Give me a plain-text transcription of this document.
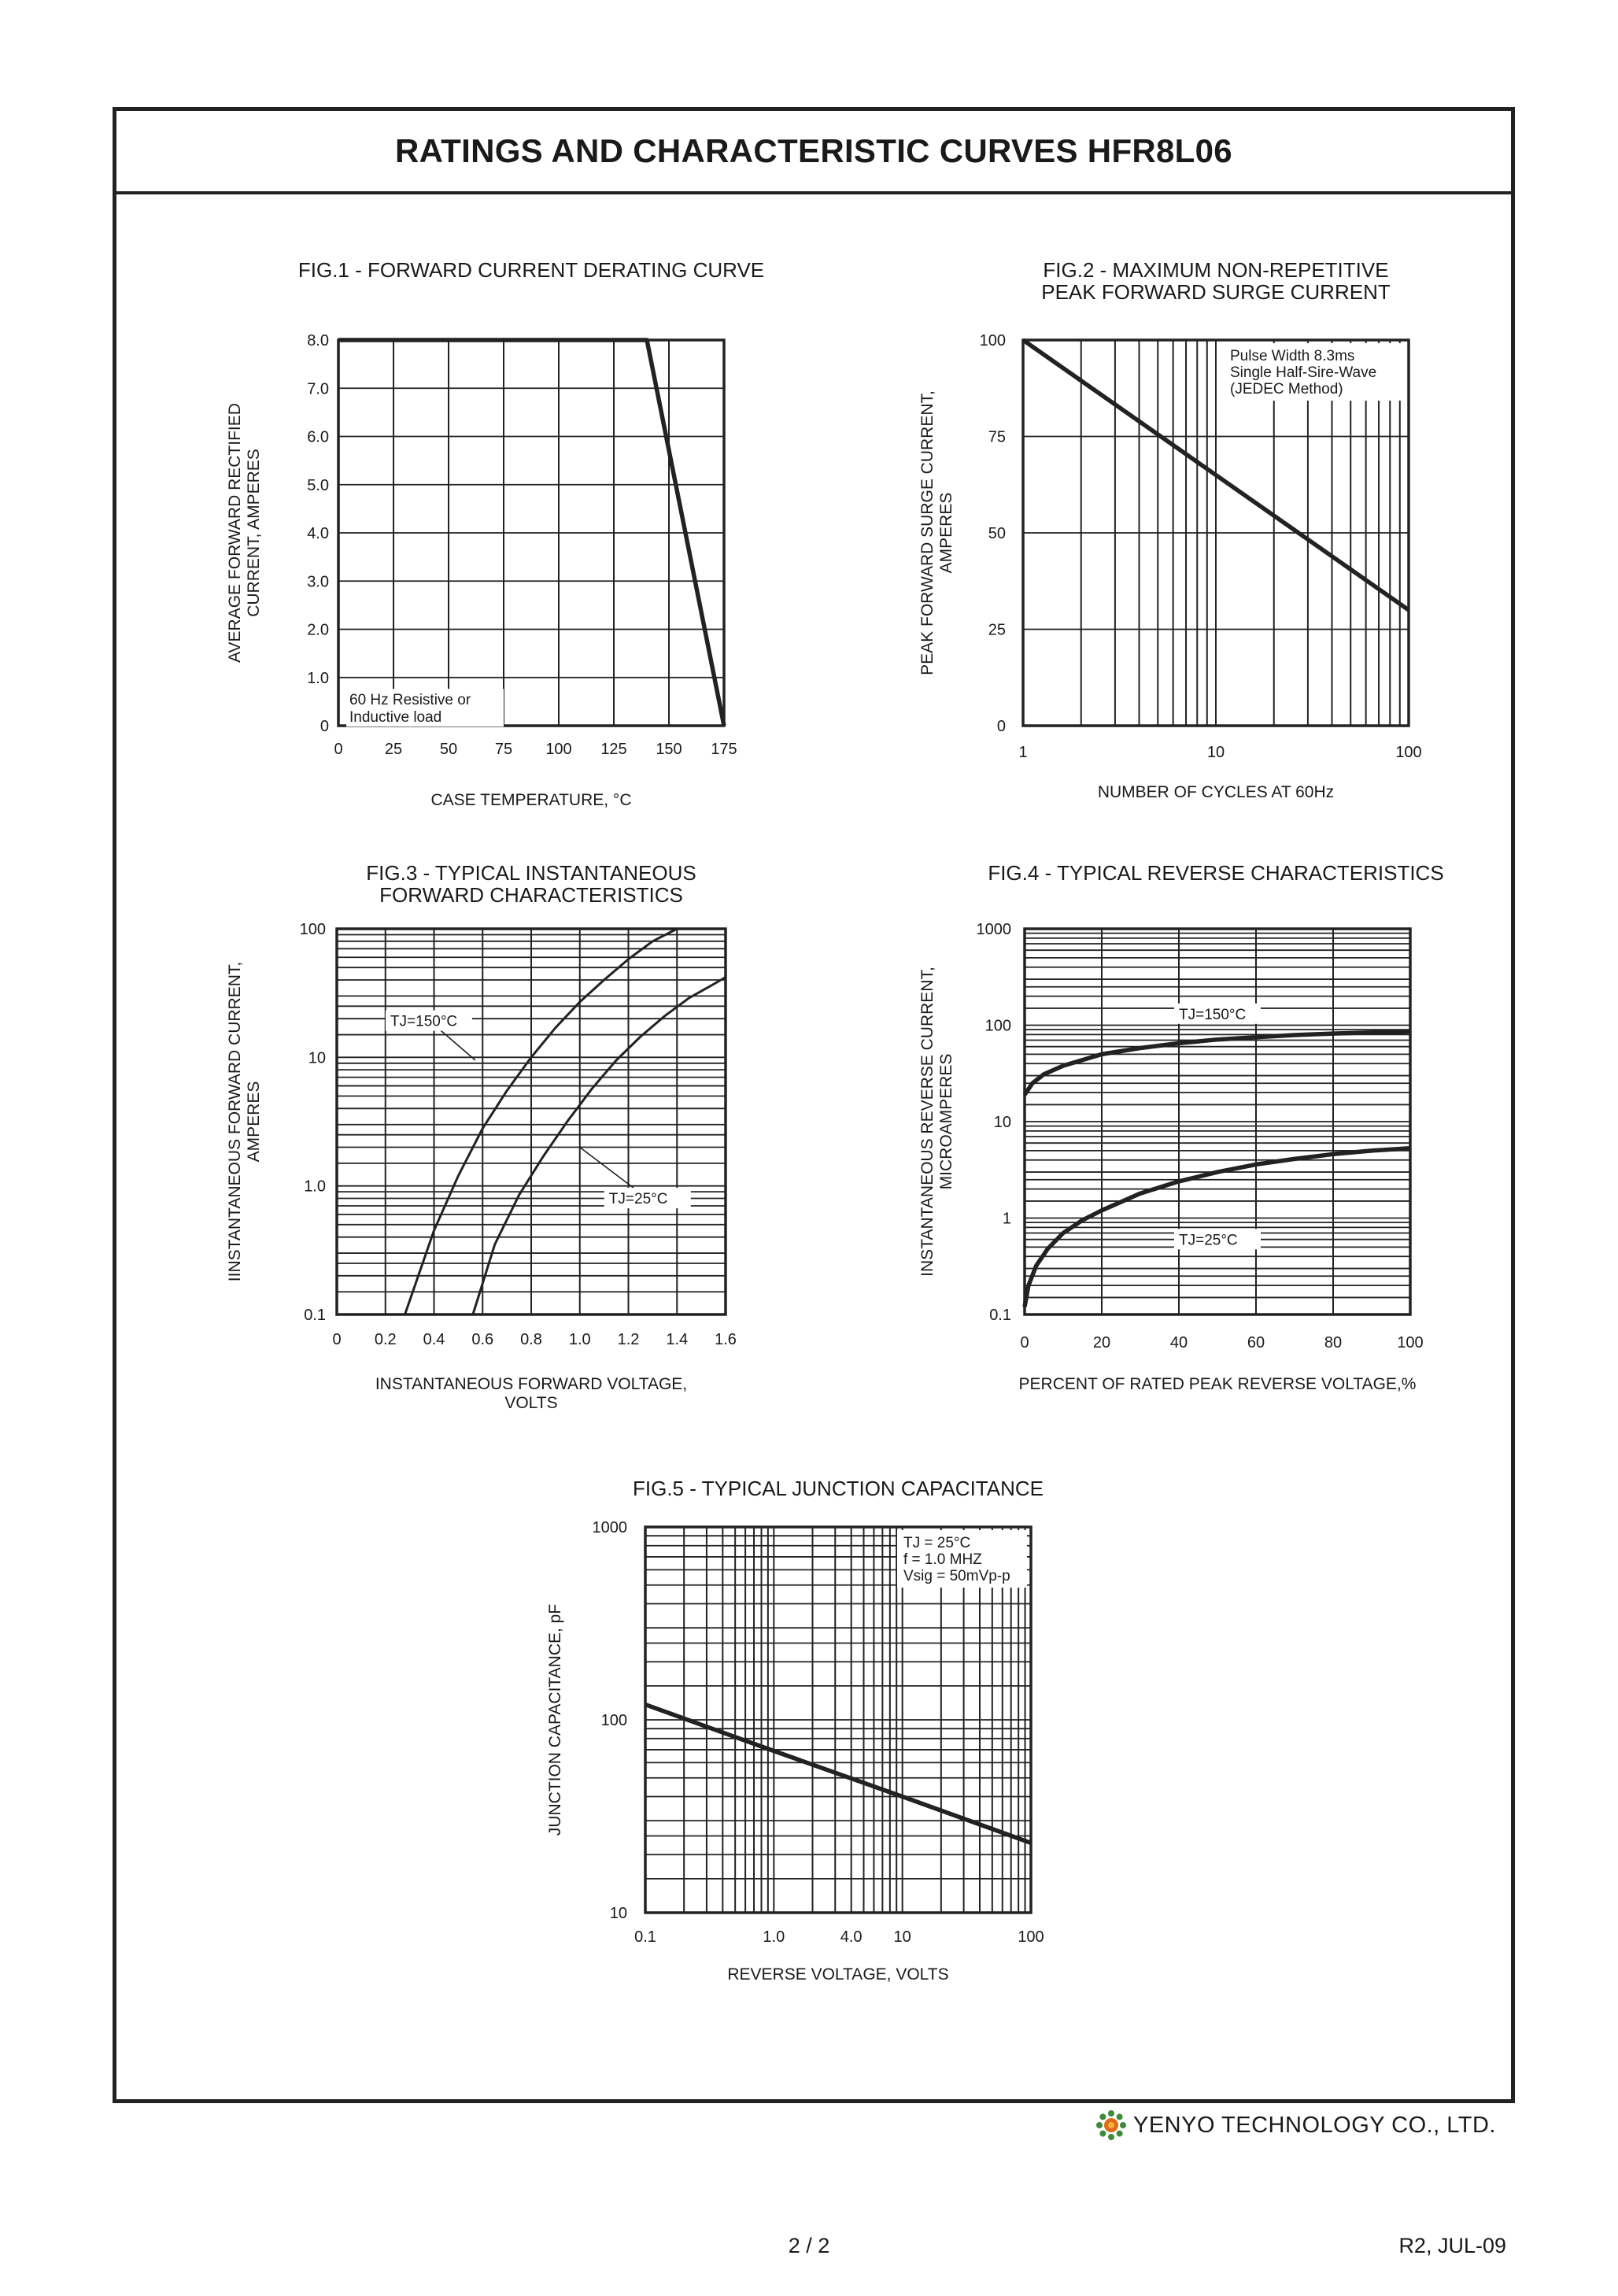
RATINGS AND CHARACTERISTIC CURVES HFR8L06
FIG.1 - FORWARD CURRENT DERATING CURVE
0	25 50 75 100 125 150 175
0
1.0
2.0
3.0
4.0
5.0
6.0
7.0
8.0
CASE TEMPERATURE, °C
AVERAGE FORWARD RECTIFIED CURRENT, AMPERES
60 Hz Resistive or
Inductive load
FIG.2 - MAXIMUM NON-REPETITIVE
PEAK FORWARD SURGE CURRENT
1	10	100
0
25
50
75
100
NUMBER OF CYCLES AT 60Hz
PEAK FORWARD SURGE CURRENT, AMPERES
Pulse Width 8.3ms
Single Half-Sire-Wave
(JEDEC Method)
FIG.3 - TYPICAL INSTANTANEOUS
FORWARD CHARACTERISTICS
0 0.2 0.4 0.6 0.8 1.0 1.2 1.4 1.6
0.1
1.0
10
100
INSTANTANEOUS FORWARD VOLTAGE,
VOLTS
IINSTANTANEOUS FORWARD CURRENT, AMPERES
TJ=150°C
TJ=25°C
FIG.4 - TYPICAL REVERSE CHARACTERISTICS
0	20	40	60	80	100
0.1
1
10
100
1000
PERCENT OF RATED PEAK REVERSE VOLTAGE,%
INSTANTANEOUS REVERSE CURRENT, MICROAMPERES
TJ=150°C
TJ=25°C
FIG.5 - TYPICAL JUNCTION CAPACITANCE
0.1	1.0	4.0 10	100
10
100
1000
REVERSE VOLTAGE, VOLTS
JUNCTION CAPACITANCE, pF
TJ = 25°C
f = 1.0 MHZ
Vsig = 50mVp-p
YENYO TECHNOLOGY CO., LTD.
2 / 2	R2, JUL-09
